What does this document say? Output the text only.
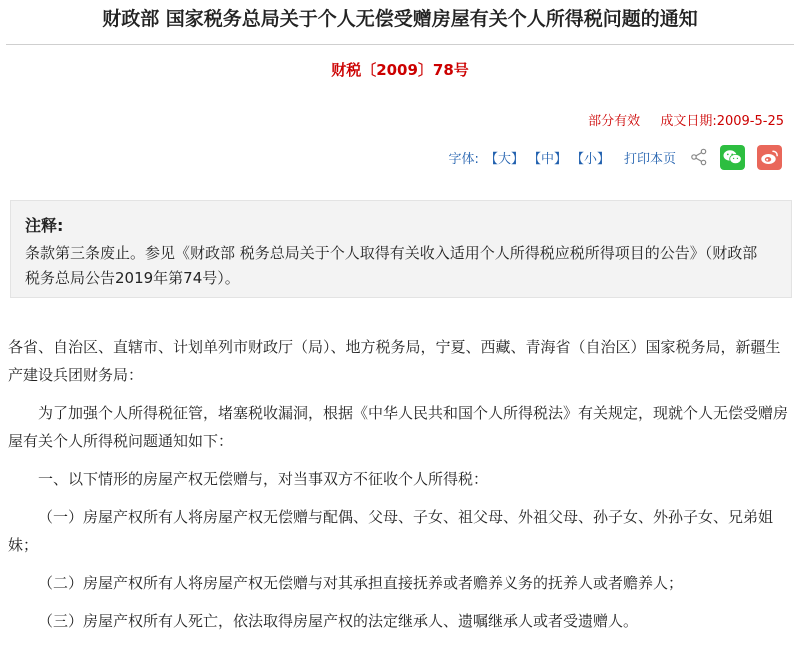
财政部 国家税务总局关于个人无偿受赠房屋有关个人所得税问题的通知
财税〔2009〕78号
部分有效 成文日期:2009-5-25
字体: 【大】 【中】 【小】 打印本页
注释:
条款第三条废止。参见《财政部 税务总局关于个人取得有关收入适用个人所得税应税所得项目的公告》（财政部 税务总局公告2019年第74号）。

各省、自治区、直辖市、计划单列市财政厅（局）、地方税务局，宁夏、西藏、青海省（自治区）国家税务局，新疆生产建设兵团财务局：

为了加强个人所得税征管，堵塞税收漏洞，根据《中华人民共和国个人所得税法》有关规定，现就个人无偿受赠房屋有关个人所得税问题通知如下：

一、以下情形的房屋产权无偿赠与，对当事双方不征收个人所得税：

（一）房屋产权所有人将房屋产权无偿赠与配偶、父母、子女、祖父母、外祖父母、孙子女、外孙子女、兄弟姐妹；

（二）房屋产权所有人将房屋产权无偿赠与对其承担直接抚养或者赡养义务的抚养人或者赡养人；

（三）房屋产权所有人死亡，依法取得房屋产权的法定继承人、遗嘱继承人或者受遗赠人。
